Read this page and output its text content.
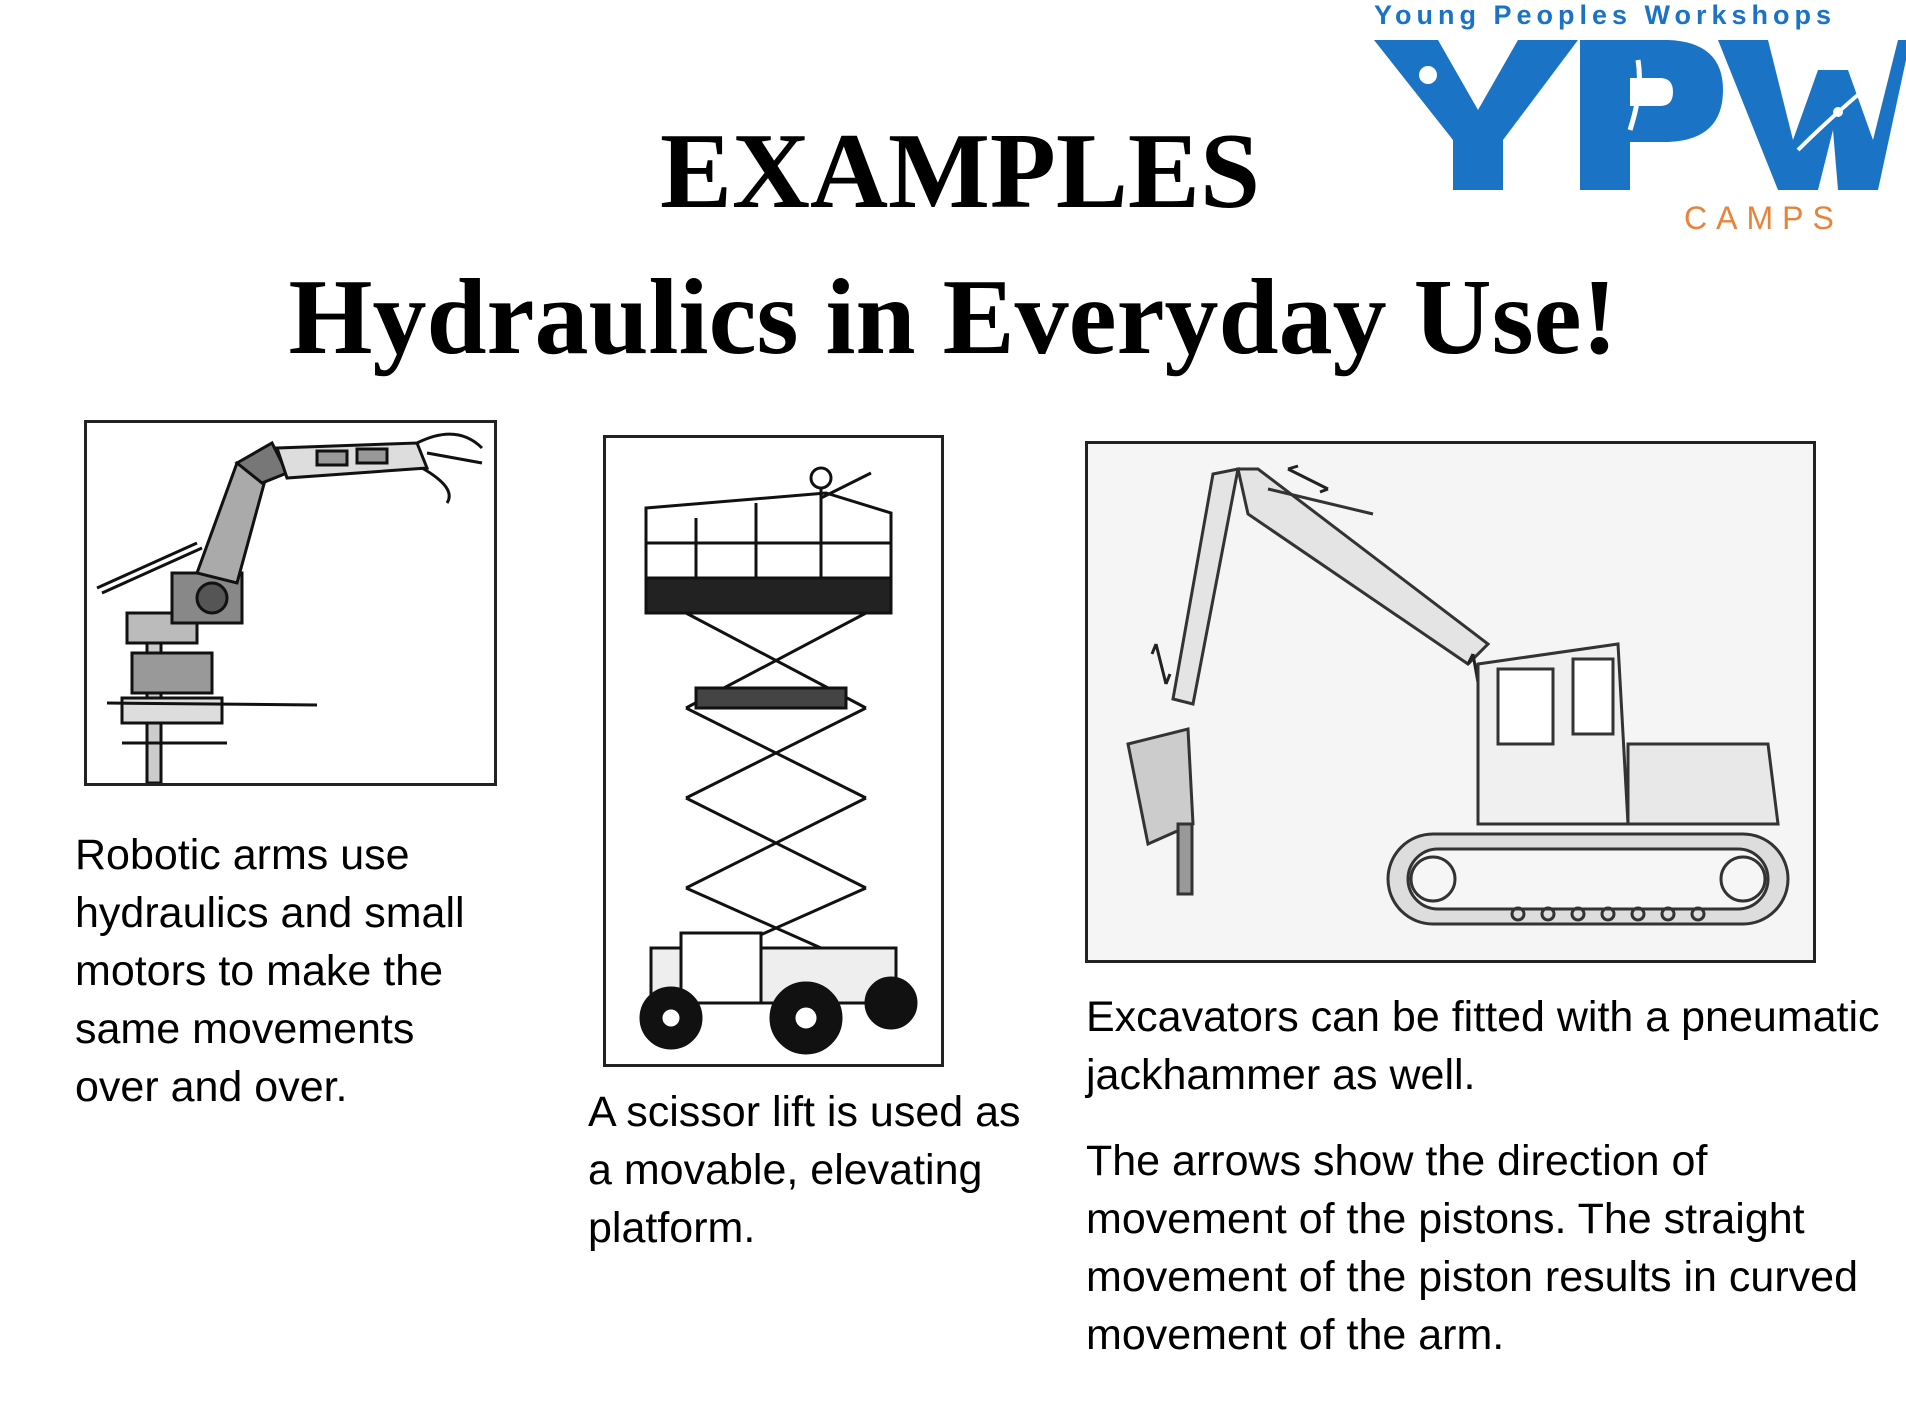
Young Peoples Workshops
CAMPS
EXAMPLES
Hydraulics in Everyday Use!
Robotic arms use hydraulics and small motors to make the same movements over and over.
A scissor lift is used as a movable, elevating platform.
Excavators can be fitted with a pneumatic jackhammer as well.
The arrows show the direction of movement of the pistons. The straight movement of the piston results in curved movement of the arm.
